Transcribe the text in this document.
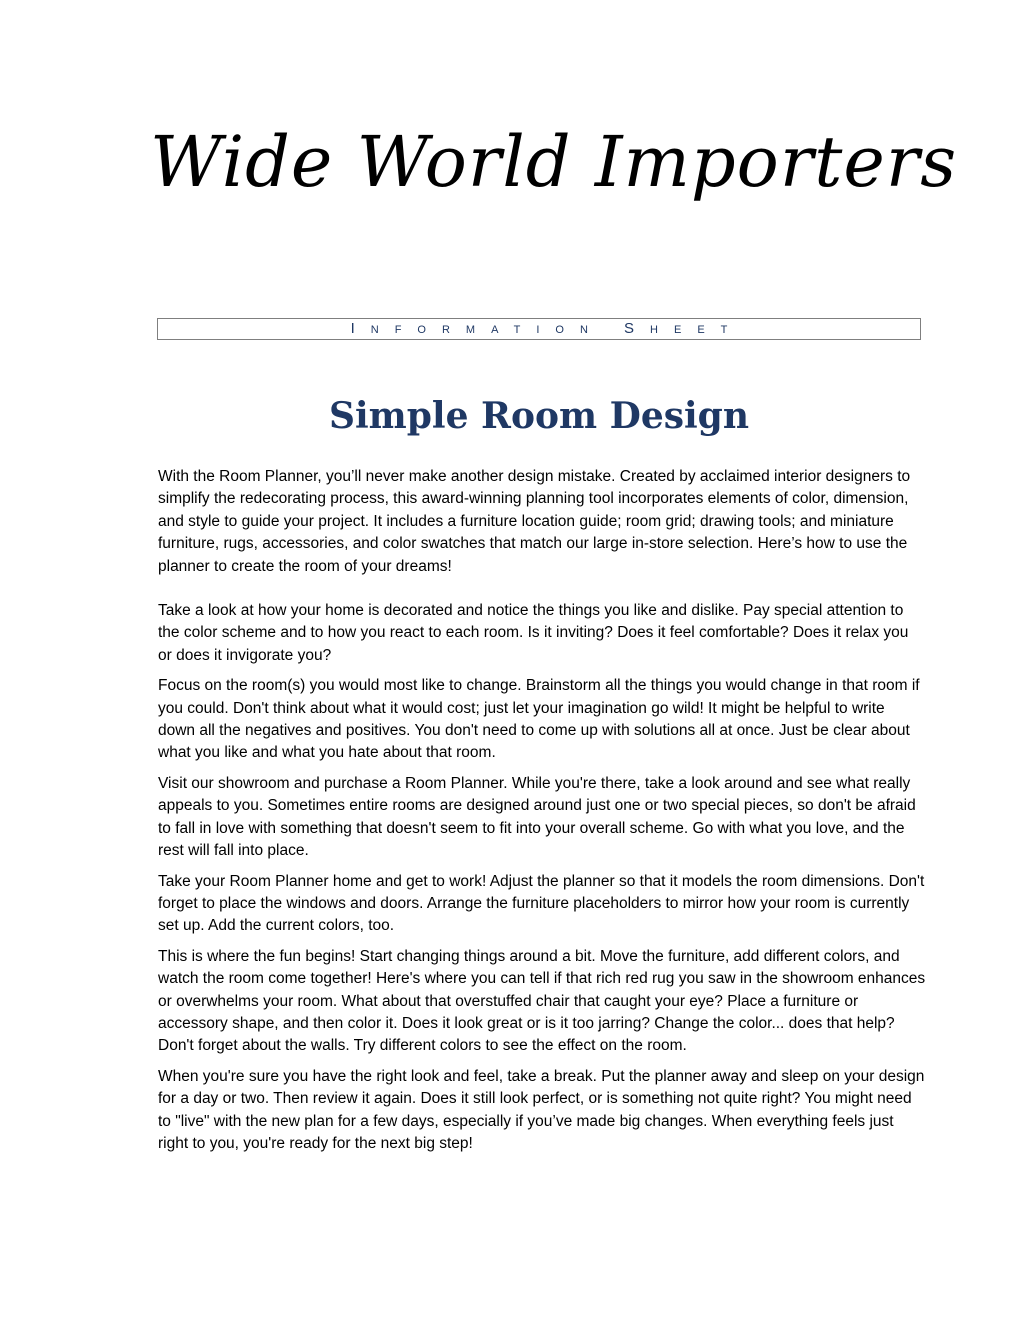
Wide World Importers
Information Sheet
Simple Room Design

With the Room Planner, you’ll never make another design mistake. Created by acclaimed interior designers to simplify the redecorating process, this award-winning planning tool incorporates elements of color, dimension, and style to guide your project. It includes a furniture location guide; room grid; drawing tools; and miniature furniture, rugs, accessories, and color swatches that match our large in-store selection. Here’s how to use the planner to create the room of your dreams!

Take a look at how your home is decorated and notice the things you like and dislike. Pay special attention to the color scheme and to how you react to each room. Is it inviting? Does it feel comfortable? Does it relax you or does it invigorate you?

Focus on the room(s) you would most like to change. Brainstorm all the things you would change in that room if you could. Don't think about what it would cost; just let your imagination go wild! It might be helpful to write down all the negatives and positives. You don't need to come up with solutions all at once. Just be clear about what you like and what you hate about that room.

Visit our showroom and purchase a Room Planner. While you're there, take a look around and see what really appeals to you. Sometimes entire rooms are designed around just one or two special pieces, so don't be afraid to fall in love with something that doesn't seem to fit into your overall scheme. Go with what you love, and the rest will fall into place.

Take your Room Planner home and get to work! Adjust the planner so that it models the room dimensions. Don't forget to place the windows and doors. Arrange the furniture placeholders to mirror how your room is currently set up. Add the current colors, too.

This is where the fun begins! Start changing things around a bit. Move the furniture, add different colors, and watch the room come together! Here's where you can tell if that rich red rug you saw in the showroom enhances or overwhelms your room. What about that overstuffed chair that caught your eye? Place a furniture or accessory shape, and then color it. Does it look great or is it too jarring? Change the color... does that help? Don't forget about the walls. Try different colors to see the effect on the room.

When you're sure you have the right look and feel, take a break. Put the planner away and sleep on your design for a day or two. Then review it again. Does it still look perfect, or is something not quite right? You might need to "live" with the new plan for a few days, especially if you’ve made big changes. When everything feels just right to you, you're ready for the next big step!
